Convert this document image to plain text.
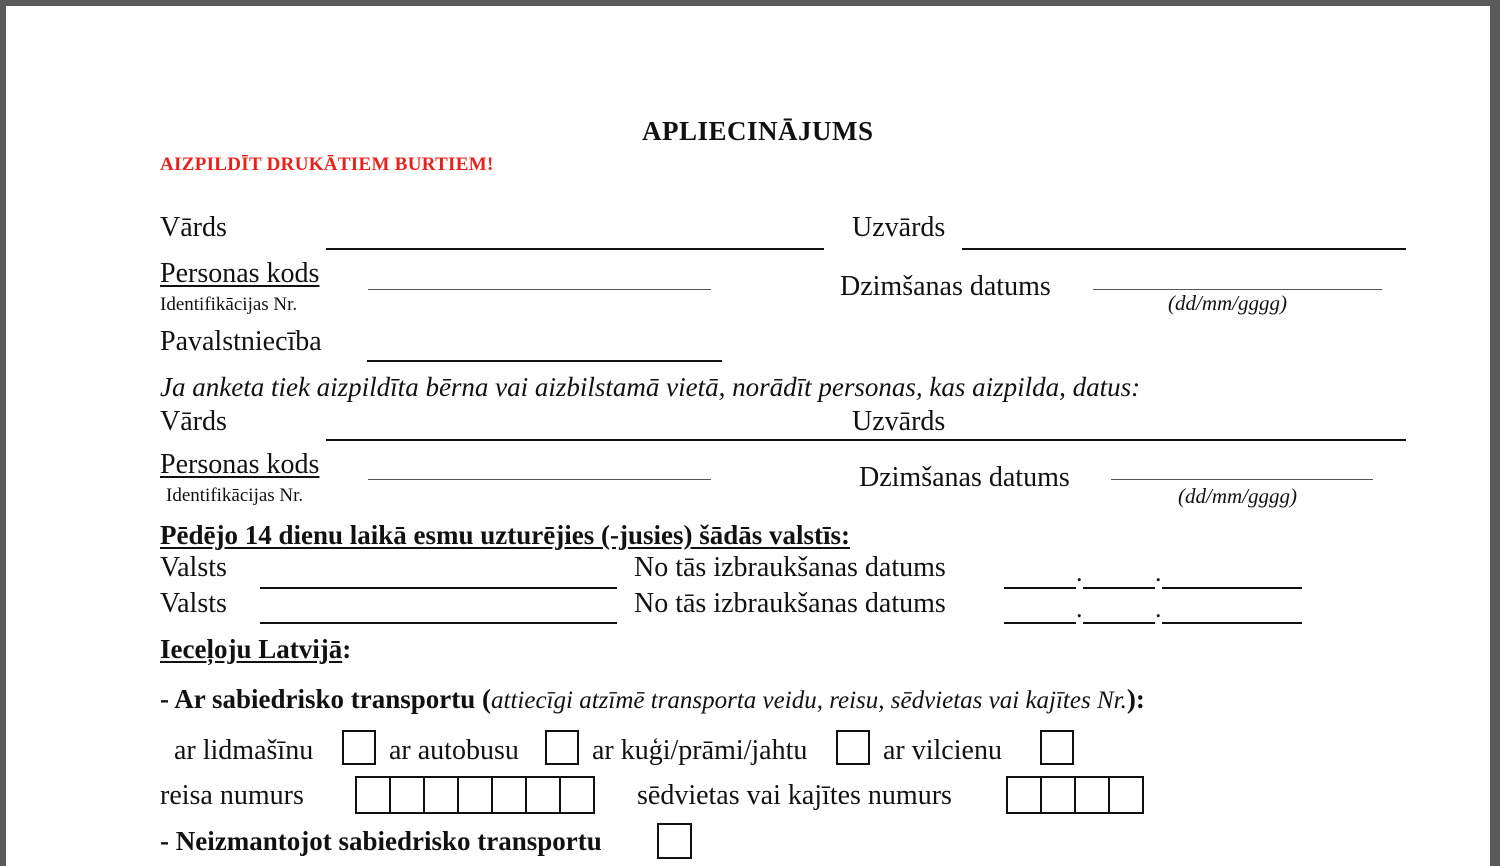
APLIECINĀJUMS
AIZPILDĪT DRUKĀTIEM BURTIEM!
Vārds	Uzvārds
Personas kods
Identifikācijas Nr.
Dzimšanas datums
(dd/mm/gggg)
Pavalstniecība
Ja anketa tiek aizpildīta bērna vai aizbilstamā vietā, norādīt personas, kas aizpilda, datus:
Vārds	Uzvārds
Personas kods
Identifikācijas Nr.
Dzimšanas datums
(dd/mm/gggg)
Pēdējo 14 dienu laikā esmu uzturējies (-jusies) šādās valstīs:
Valsts	No tās izbraukšanas datums	.	.
Valsts	No tās izbraukšanas datums	.	.
Ieceļoju Latvijā:
- Ar sabiedrisko transportu (attiecīgi atzīmē transporta veidu, reisu, sēdvietas vai kajītes Nr.):
ar lidmašīnu	ar autobusu	ar kuģi/prāmi/jahtu	ar vilcienu
reisa numurs	sēdvietas vai kajītes numurs
- Neizmantojot sabiedrisko transportu
